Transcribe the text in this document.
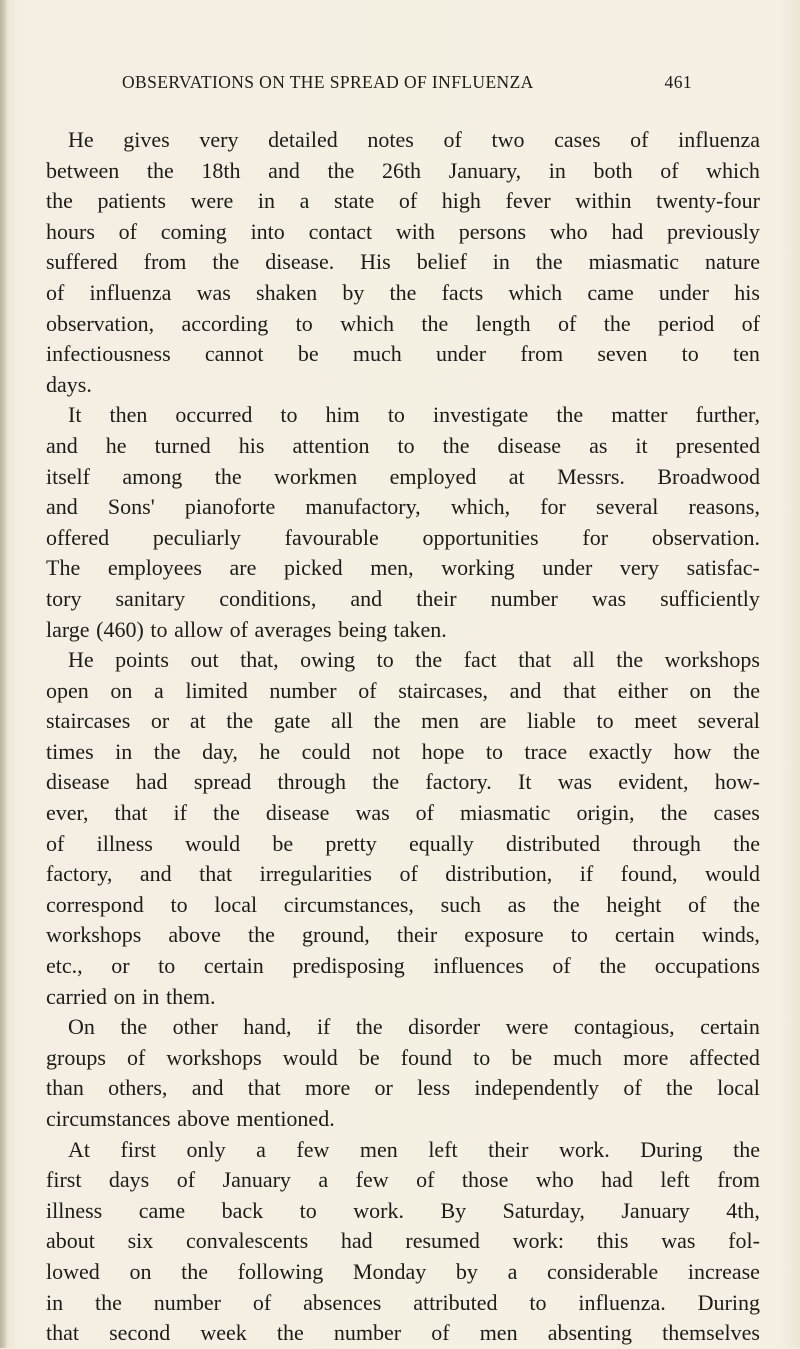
OBSERVATIONS ON THE SPREAD OF INFLUENZA	461
He gives very detailed notes of two cases of influenza
between the 18th and the 26th January, in both of which
the patients were in a state of high fever within twenty-four
hours of coming into contact with persons who had previously
suffered from the disease. His belief in the miasmatic nature
of influenza was shaken by the facts which came under his
observation, according to which the length of the period of
infectiousness cannot be much under from seven to ten
days.
It then occurred to him to investigate the matter further,
and he turned his attention to the disease as it presented
itself among the workmen employed at Messrs. Broadwood
and Sons' pianoforte manufactory, which, for several reasons,
offered peculiarly favourable opportunities for observation.
The employees are picked men, working under very satisfac-
tory sanitary conditions, and their number was sufficiently
large (460) to allow of averages being taken.
He points out that, owing to the fact that all the workshops
open on a limited number of staircases, and that either on the
staircases or at the gate all the men are liable to meet several
times in the day, he could not hope to trace exactly how the
disease had spread through the factory. It was evident, how-
ever, that if the disease was of miasmatic origin, the cases
of illness would be pretty equally distributed through the
factory, and that irregularities of distribution, if found, would
correspond to local circumstances, such as the height of the
workshops above the ground, their exposure to certain winds,
etc., or to certain predisposing influences of the occupations
carried on in them.
On the other hand, if the disorder were contagious, certain
groups of workshops would be found to be much more affected
than others, and that more or less independently of the local
circumstances above mentioned.
At first only a few men left their work. During the
first days of January a few of those who had left from
illness came back to work. By Saturday, January 4th,
about six convalescents had resumed work: this was fol-
lowed on the following Monday by a considerable increase
in the number of absences attributed to influenza. During
that second week the number of men absenting themselves
